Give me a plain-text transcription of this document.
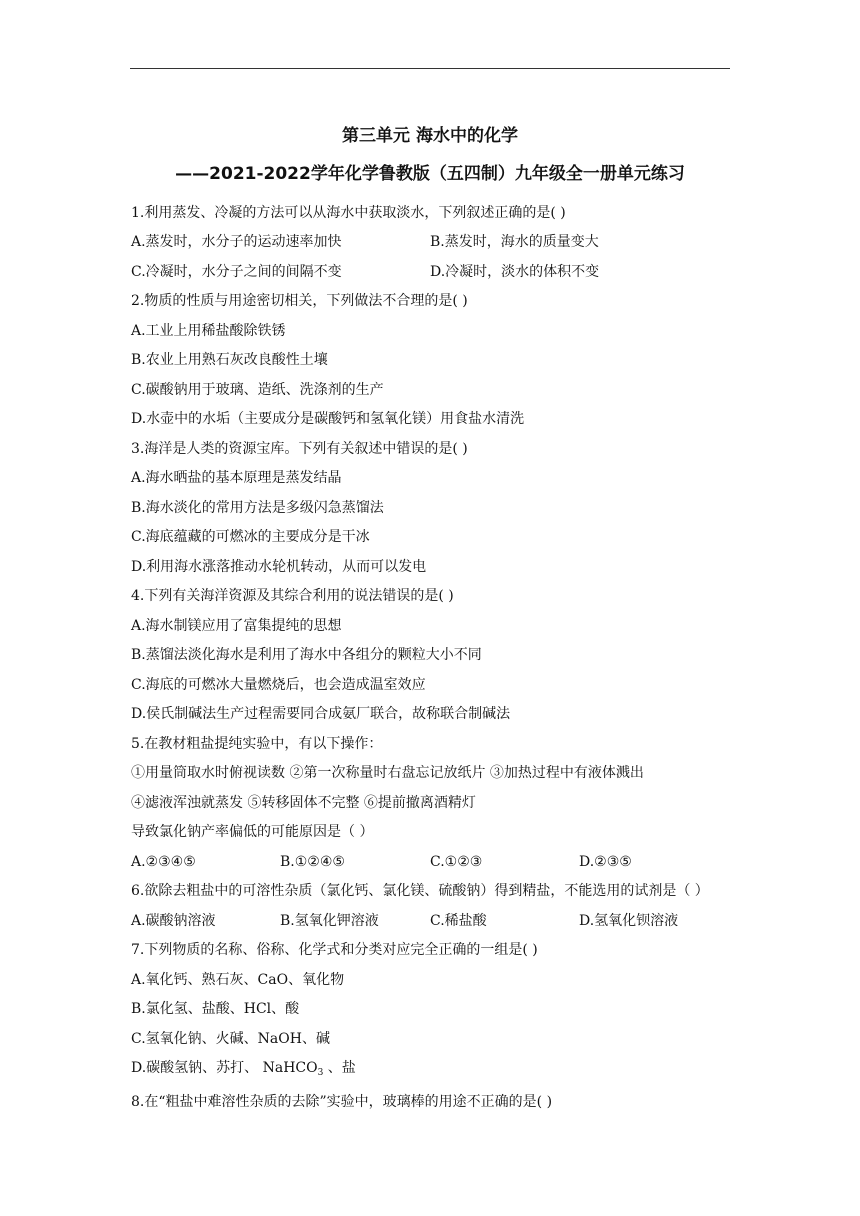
第三单元 海水中的化学
——2021-2022学年化学鲁教版（五四制）九年级全一册单元练习
1.利用蒸发、冷凝的方法可以从海水中获取淡水，下列叙述正确的是( )
A.蒸发时，水分子的运动速率加快	B.蒸发时，海水的质量变大
C.冷凝时，水分子之间的间隔不变	D.冷凝时，淡水的体积不变
2.物质的性质与用途密切相关，下列做法不合理的是( )
A.工业上用稀盐酸除铁锈
B.农业上用熟石灰改良酸性土壤
C.碳酸钠用于玻璃、造纸、洗涤剂的生产
D.水壶中的水垢（主要成分是碳酸钙和氢氧化镁）用食盐水清洗
3.海洋是人类的资源宝库。下列有关叙述中错误的是( )
A.海水晒盐的基本原理是蒸发结晶
B.海水淡化的常用方法是多级闪急蒸馏法
C.海底蕴藏的可燃冰的主要成分是干冰
D.利用海水涨落推动水轮机转动，从而可以发电
4.下列有关海洋资源及其综合利用的说法错误的是( )
A.海水制镁应用了富集提纯的思想
B.蒸馏法淡化海水是利用了海水中各组分的颗粒大小不同
C.海底的可燃冰大量燃烧后，也会造成温室效应
D.侯氏制碱法生产过程需要同合成氨厂联合，故称联合制碱法
5.在教材粗盐提纯实验中，有以下操作：
①用量筒取水时俯视读数 ②第一次称量时右盘忘记放纸片 ③加热过程中有液体溅出
④滤液浑浊就蒸发 ⑤转移固体不完整 ⑥提前撤离酒精灯
导致氯化钠产率偏低的可能原因是（ ）
A.②③④⑤	B.①②④⑤	C.①②③	D.②③⑤
6.欲除去粗盐中的可溶性杂质（氯化钙、氯化镁、硫酸钠）得到精盐，不能选用的试剂是（ ）
A.碳酸钠溶液	B.氢氧化钾溶液	C.稀盐酸	D.氢氧化钡溶液
7.下列物质的名称、俗称、化学式和分类对应完全正确的一组是( )
A.氧化钙、熟石灰、CaO、氧化物
B.氯化氢、盐酸、HCl、酸
C.氢氧化钠、火碱、NaOH、碱
D.碳酸氢钠、苏打、 NaHCO$_3$ 、盐
8.在“粗盐中难溶性杂质的去除”实验中，玻璃棒的用途不正确的是( )
